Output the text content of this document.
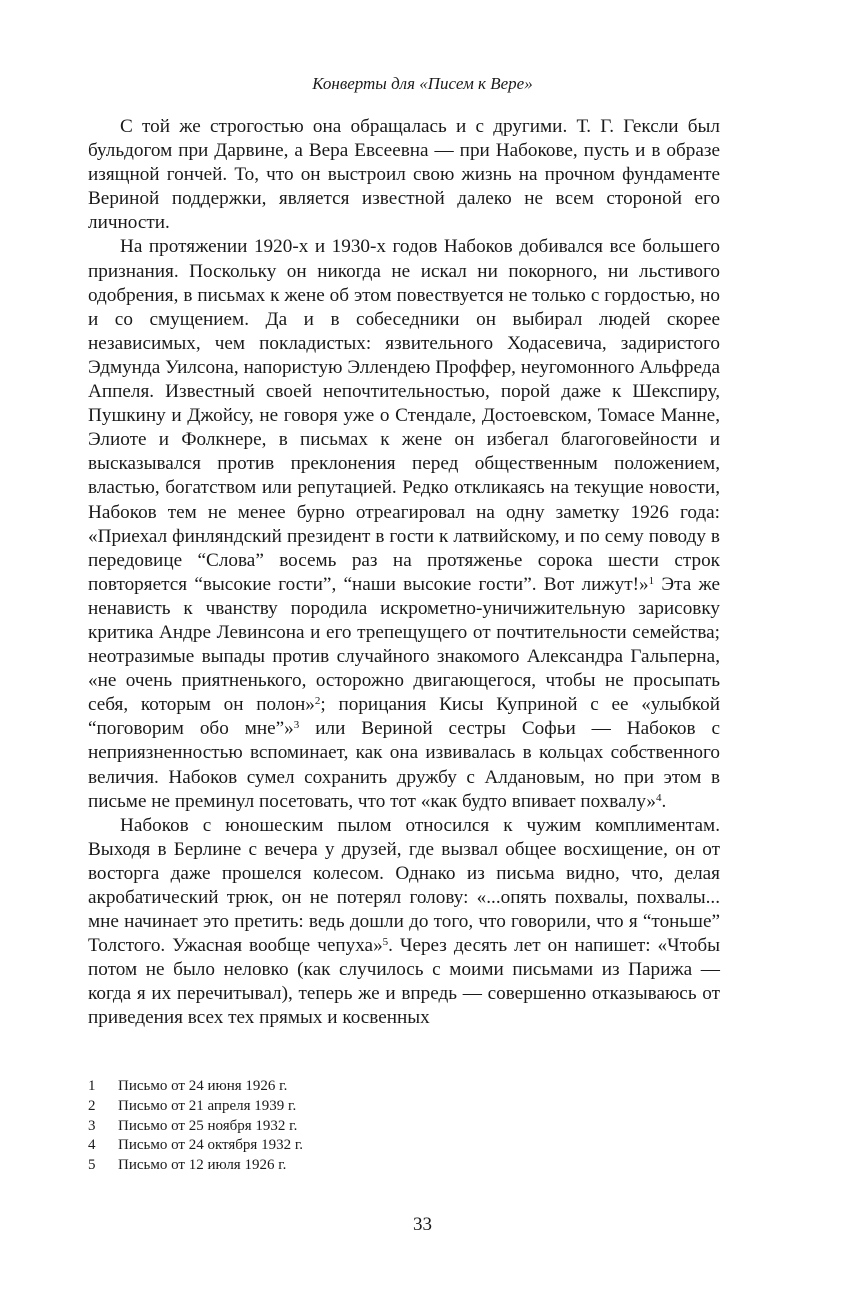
Конверты для «Писем к Вере»

С той же строгостью она обращалась и с другими. Т. Г. Гексли был бульдогом при Дарвине, а Вера Евсеевна — при Набокове, пусть и в образе изящной гончей. То, что он выстроил свою жизнь на прочном фундаменте Вериной поддержки, является известной далеко не всем стороной его личности.

На протяжении 1920-х и 1930-х годов Набоков добивался все большего признания. Поскольку он никогда не искал ни покорного, ни льстивого одобрения, в письмах к жене об этом повествуется не только с гордостью, но и со смущением. Да и в собеседники он выбирал людей скорее независимых, чем покладистых: язвительного Ходасевича, задиристого Эдмунда Уилсона, напористую Эллендею Проффер, неугомонного Альфреда Аппеля. Известный своей непочтительностью, порой даже к Шекспиру, Пушкину и Джойсу, не говоря уже о Стендале, Достоевском, Томасе Манне, Элиоте и Фолкнере, в письмах к жене он избегал благоговейности и высказывался против преклонения перед общественным положением, властью, богатством или репутацией. Редко откликаясь на текущие новости, Набоков тем не менее бурно отреагировал на одну заметку 1926 года: «Приехал финляндский президент в гости к латвийскому, и по сему поводу в передовице “Слова” восемь раз на протяженье сорока шести строк повторяется “высокие гости”, “наши высокие гости”. Вот лижут!»$^1$ Эта же ненависть к чванству породила искрометно-уничижительную зарисовку критика Андре Левинсона и его трепещущего от почтительности семейства; неотразимые выпады против случайного знакомого Александра Гальперна, «не очень приятненького, осторожно двигающегося, чтобы не просыпать себя, которым он полон»$^2$; порицания Кисы Куприной с ее «улыбкой “поговорим обо мне”»$^3$ или Вериной сестры Софьи — Набоков с неприязненностью вспоминает, как она извивалась в кольцах собственного величия. Набоков сумел сохранить дружбу с Алдановым, но при этом в письме не преминул посетовать, что тот «как будто впивает похвалу»$^4$.

Набоков с юношеским пылом относился к чужим комплиментам. Выходя в Берлине с вечера у друзей, где вызвал общее восхищение, он от восторга даже прошелся колесом. Однако из письма видно, что, делая акробатический трюк, он не потерял голову: «...опять похвалы, похвалы... мне начинает это претить: ведь дошли до того, что говорили, что я “тоньше” Толстого. Ужасная вообще чепуха»$^5$. Через десять лет он напишет: «Чтобы потом не было неловко (как случилось с моими письмами из Парижа — когда я их перечитывал), теперь же и впредь — совершенно отказываюсь от приведения всех тех прямых и косвенных

1	Письмо от 24 июня 1926 г.
2	Письмо от 21 апреля 1939 г.
3	Письмо от 25 ноября 1932 г.
4	Письмо от 24 октября 1932 г.
5	Письмо от 12 июля 1926 г.
33
